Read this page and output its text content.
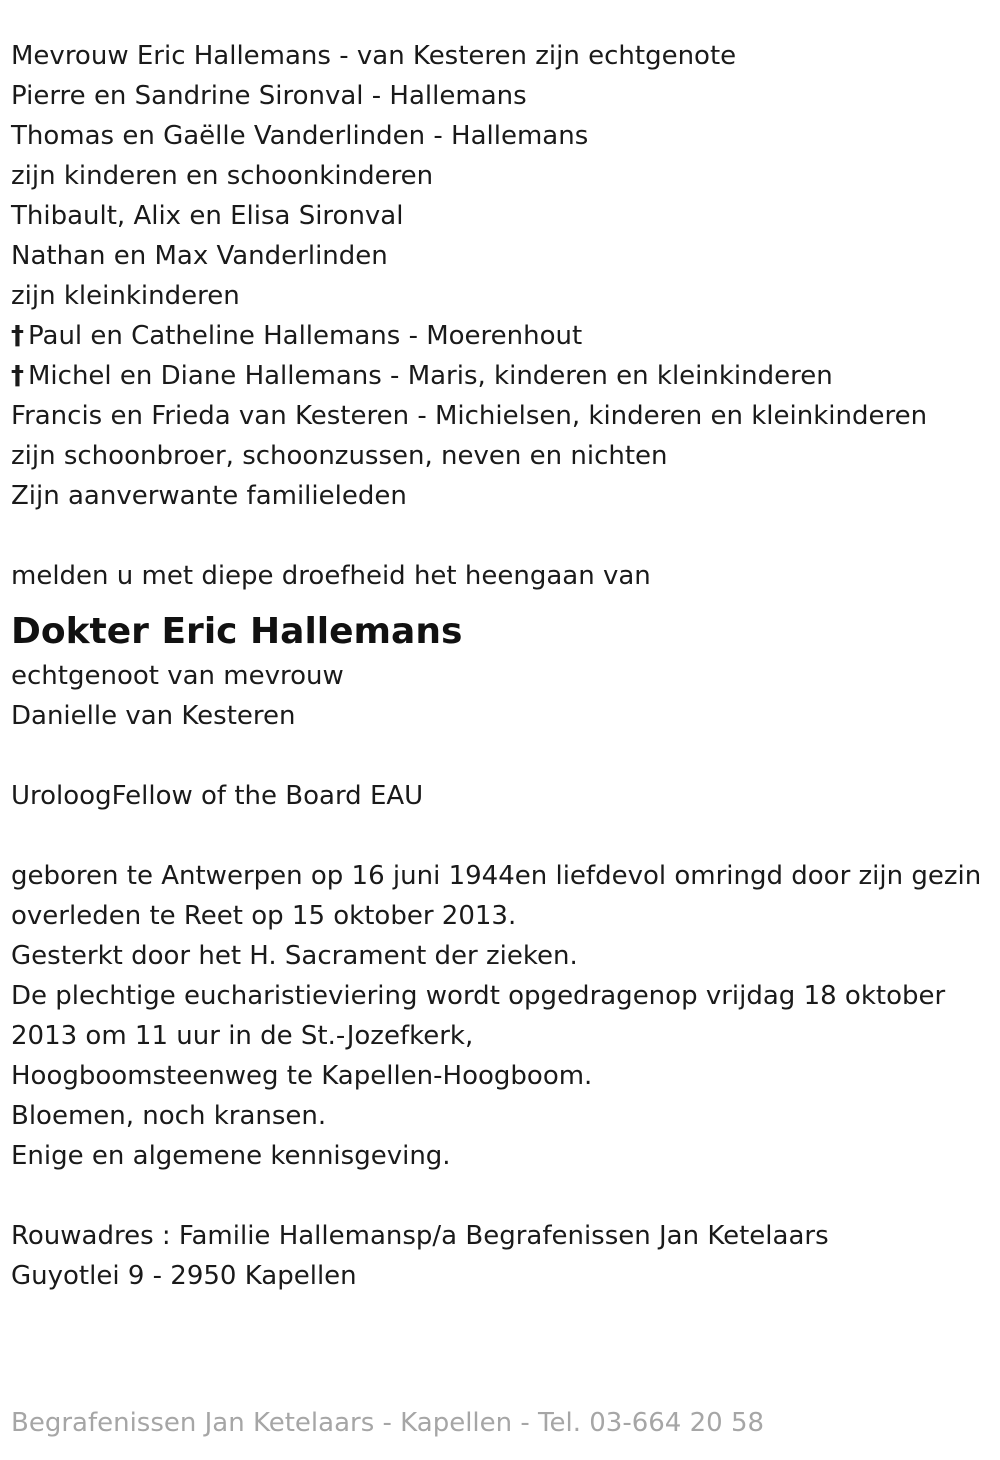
Mevrouw Eric Hallemans - van Kesteren zijn echtgenote
Pierre en Sandrine Sironval - Hallemans
Thomas en Gaëlle Vanderlinden - Hallemans
zijn kinderen en schoonkinderen
Thibault, Alix en Elisa Sironval
Nathan en Max Vanderlinden
zijn kleinkinderen
† Paul en Catheline Hallemans - Moerenhout
† Michel en Diane Hallemans - Maris, kinderen en kleinkinderen
Francis en Frieda van Kesteren - Michielsen, kinderen en kleinkinderen
zijn schoonbroer, schoonzussen, neven en nichten
Zijn aanverwante familieleden
melden u met diepe droefheid het heengaan van
Dokter Eric Hallemans
echtgenoot van mevrouw
Danielle van Kesteren
UroloogFellow of the Board EAU
geboren te Antwerpen op 16 juni 1944en liefdevol omringd door zijn gezin
overleden te Reet op 15 oktober 2013.
Gesterkt door het H. Sacrament der zieken.
De plechtige eucharistieviering wordt opgedragenop vrijdag 18 oktober 2013 om 11 uur in de St.-Jozefkerk,
Hoogboomsteenweg te Kapellen-Hoogboom.
Bloemen, noch kransen.
Enige en algemene kennisgeving.
Rouwadres : Familie Hallemansp/a Begrafenissen Jan Ketelaars
Guyotlei 9 - 2950 Kapellen
Begrafenissen Jan Ketelaars - Kapellen - Tel. 03-664 20 58
